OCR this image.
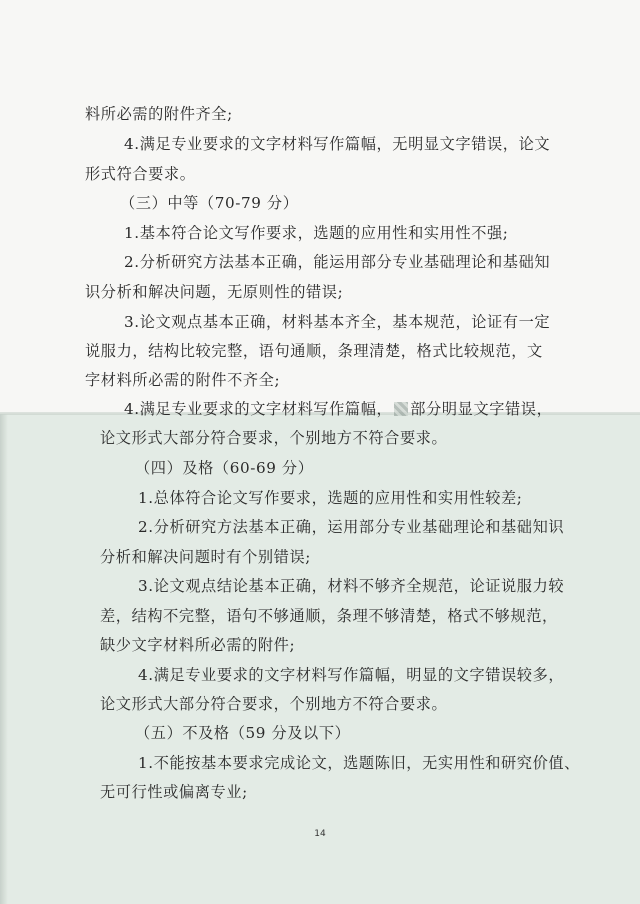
料所必需的附件齐全;
4.满足专业要求的文字材料写作篇幅，无明显文字错误，论文
形式符合要求。
（三）中等（70-79 分）
1.基本符合论文写作要求，选题的应用性和实用性不强;
2.分析研究方法基本正确，能运用部分专业基础理论和基础知
识分析和解决问题，无原则性的错误;
3.论文观点基本正确，材料基本齐全，基本规范，论证有一定
说服力，结构比较完整，语句通顺，条理清楚，格式比较规范，文
字材料所必需的附件不齐全;
4.满足专业要求的文字材料写作篇幅， 部分明显文字错误，
论文形式大部分符合要求，个别地方不符合要求。
（四）及格（60-69 分）
1.总体符合论文写作要求，选题的应用性和实用性较差;
2.分析研究方法基本正确，运用部分专业基础理论和基础知识
分析和解决问题时有个别错误;
3.论文观点结论基本正确，材料不够齐全规范，论证说服力较
差，结构不完整，语句不够通顺，条理不够清楚，格式不够规范，
缺少文字材料所必需的附件;
4.满足专业要求的文字材料写作篇幅，明显的文字错误较多，
论文形式大部分符合要求，个别地方不符合要求。
（五）不及格（59 分及以下）
1.不能按基本要求完成论文，选题陈旧，无实用性和研究价值、
无可行性或偏离专业;
14
